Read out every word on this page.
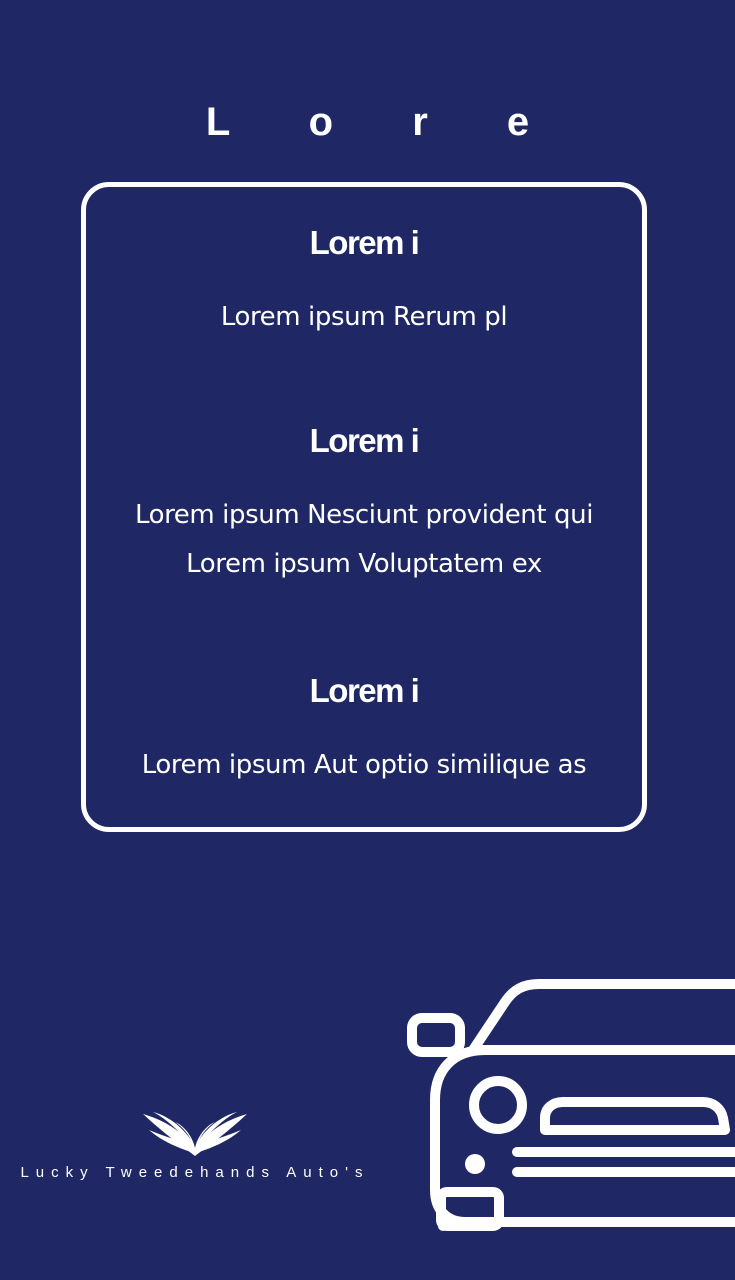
L o r e
Lorem i
Lorem ipsum Rerum pl
Lorem i
Lorem ipsum Nesciunt provident qui
Lorem ipsum Voluptatem ex
Lorem i
Lorem ipsum Aut optio similique as
Lucky Tweedehands Auto's
